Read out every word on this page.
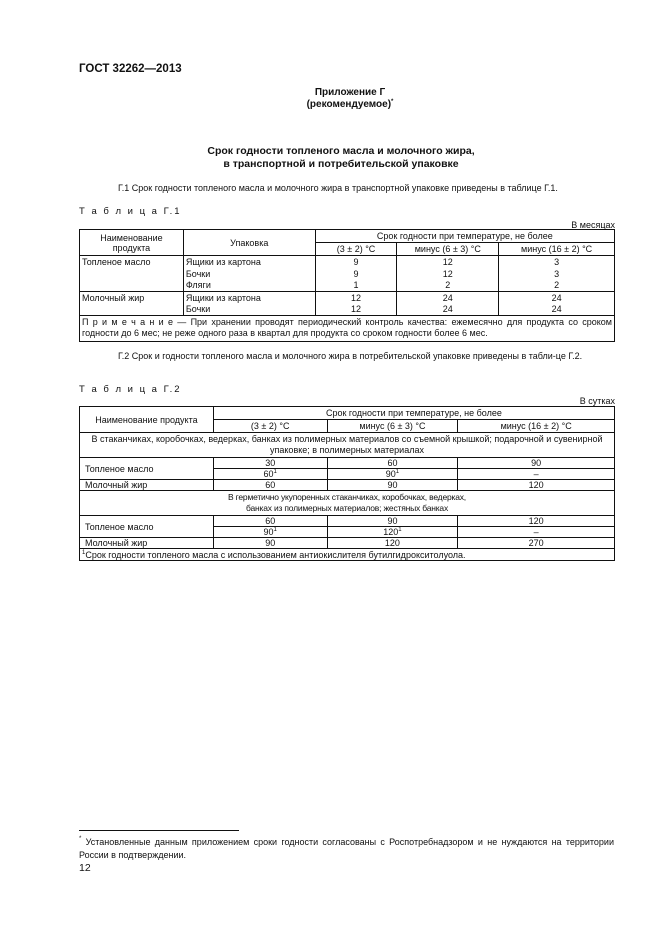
ГОСТ 32262—2013
Приложение Г
(рекомендуемое)*
Срок годности топленого масла и молочного жира,
в транспортной и потребительской упаковке
Г.1 Срок годности топленого масла и молочного жира в транспортной упаковке приведены в таблице Г.1.
Т а б л и ц а Г.1
В месяцах
Наименование продукта	Упаковка	Срок годности при температуре, не более		
		(3 ± 2) °С	минус (6 ± 3) °С	минус (16 ± 2) °С
Топленое масло	Ящики из картона	9	12	3
	Бочки	9	12	3
	Фляги	1	2	2
Молочный жир	Ящики из картона	12	24	24
	Бочки	12	24	24
П р и м е ч а н и е — При хранении проводят периодический контроль качества: ежемесячно для продукта со сроком годности до 6 мес; не реже одного раза в квартал для продукта со сроком годности более 6 мес.				
Г.2 Срок и годности топленого масла и молочного жира в потребительской упаковке приведены в табли-це Г.2.
Т а б л и ц а Г.2
В сутках
Наименование продукта	Срок годности при температуре, не более		
	(3 ± 2) °С	минус (6 ± 3) °С	минус (16 ± 2) °С
В стаканчиках, коробочках, ведерках, банках из полимерных материалов со съемной крышкой; подарочной и сувенирной упаковке; в полимерных материалах			
Топленое масло	30	60	90
	$60^1$	$90^1$	–
Молочный жир	60	90	120

В герметично укупоренных стаканчиках, коробочках, ведерках,
банках из полимерных материалов; жестяных банках			

Топленое масло	60	90	120
	$90^1$	$120^1$	–
Молочный жир	90	120	270
$^1$Срок годности топленого масла с использованием антиокислителя бутилгидрокситолуола.			
* Установленные данным приложением сроки годности согласованы с Роспотребнадзором и не нуждаются на территории России в подтверждении.
12
